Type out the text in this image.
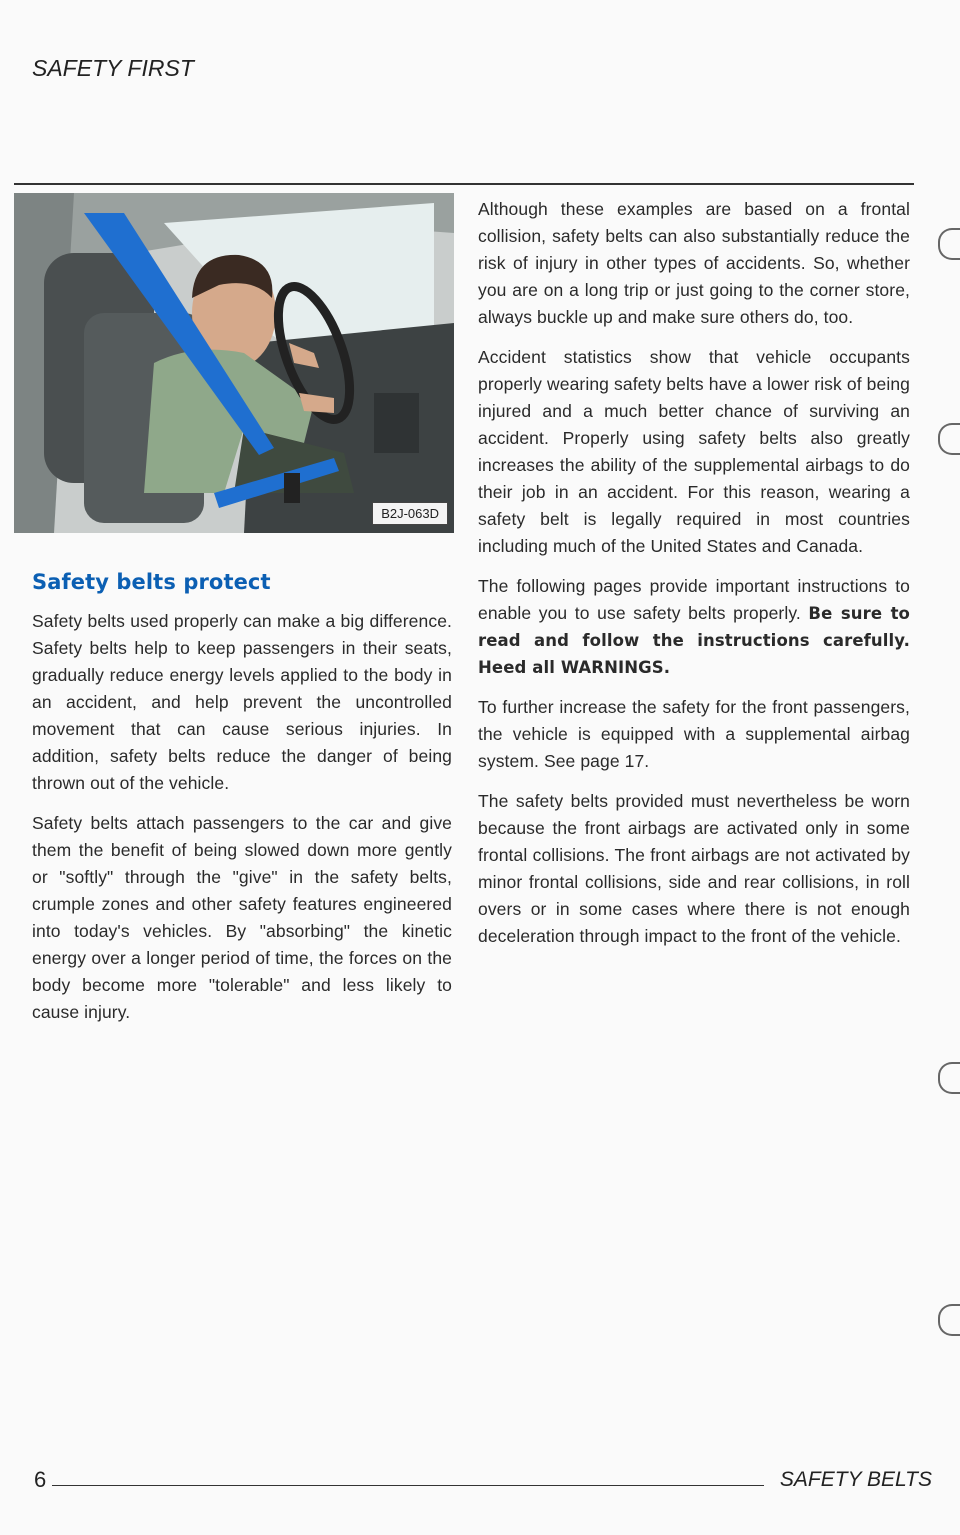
SAFETY FIRST
B2J-063D
Safety belts protect

Safety belts used properly can make a big difference. Safety belts help to keep passengers in their seats, gradually reduce energy levels applied to the body in an accident, and help prevent the uncontrolled movement that can cause serious injuries. In addition, safety belts reduce the danger of being thrown out of the vehicle.

Safety belts attach passengers to the car and give them the benefit of being slowed down more gently or "softly" through the "give" in the safety belts, crumple zones and other safety features engineered into today's vehicles. By "absorbing" the kinetic energy over a longer period of time, the forces on the body become more "tolerable" and less likely to cause injury.

Although these examples are based on a frontal collision, safety belts can also substantially reduce the risk of injury in other types of accidents. So, whether you are on a long trip or just going to the corner store, always buckle up and make sure others do, too.

Accident statistics show that vehicle occupants properly wearing safety belts have a lower risk of being injured and a much better chance of surviving an accident. Properly using safety belts also greatly increases the ability of the supplemental airbags to do their job in an accident. For this reason, wearing a safety belt is legally required in most countries including much of the United States and Canada.

The following pages provide important instructions to enable you to use safety belts properly. Be sure to read and follow the instructions carefully. Heed all WARNINGS.

To further increase the safety for the front passengers, the vehicle is equipped with a supplemental airbag system. See page 17.

The safety belts provided must nevertheless be worn because the front airbags are activated only in some frontal collisions. The front airbags are not activated by minor frontal collisions, side and rear collisions, in roll overs or in some cases where there is not enough deceleration through impact to the front of the vehicle.

6	SAFETY BELTS
